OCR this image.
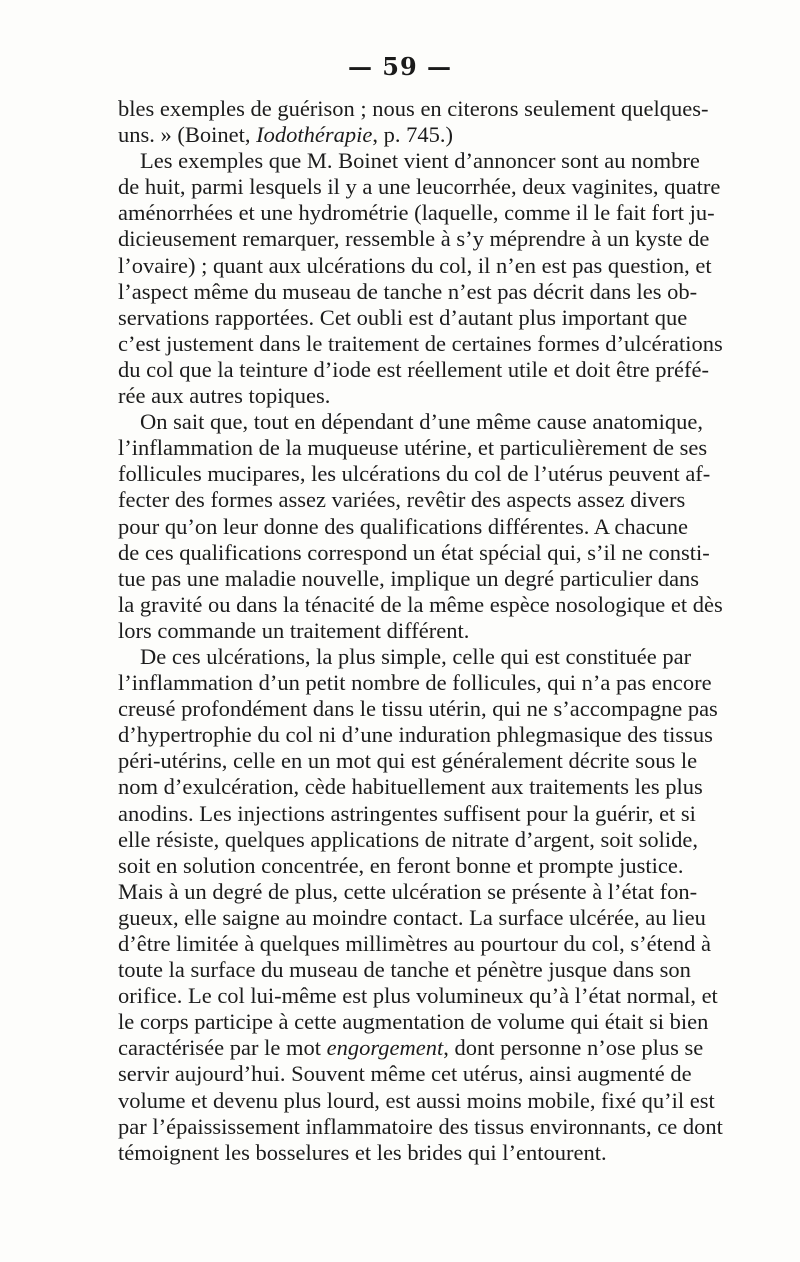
— 59 —
bles exemples de guérison ; nous en citerons seulement quelques-
uns. » (Boinet, Iodothérapie, p. 745.)
Les exemples que M. Boinet vient d’annoncer sont au nombre
de huit, parmi lesquels il y a une leucorrhée, deux vaginites, quatre
aménorrhées et une hydrométrie (laquelle, comme il le fait fort ju-
dicieusement remarquer, ressemble à s’y méprendre à un kyste de
l’ovaire) ; quant aux ulcérations du col, il n’en est pas question, et
l’aspect même du museau de tanche n’est pas décrit dans les ob-
servations rapportées. Cet oubli est d’autant plus important que
c’est justement dans le traitement de certaines formes d’ulcérations
du col que la teinture d’iode est réellement utile et doit être préfé-
rée aux autres topiques.
On sait que, tout en dépendant d’une même cause anatomique,
l’inflammation de la muqueuse utérine, et particulièrement de ses
follicules mucipares, les ulcérations du col de l’utérus peuvent af-
fecter des formes assez variées, revêtir des aspects assez divers
pour qu’on leur donne des qualifications différentes. A chacune
de ces qualifications correspond un état spécial qui, s’il ne consti-
tue pas une maladie nouvelle, implique un degré particulier dans
la gravité ou dans la ténacité de la même espèce nosologique et dès
lors commande un traitement différent.
De ces ulcérations, la plus simple, celle qui est constituée par
l’inflammation d’un petit nombre de follicules, qui n’a pas encore
creusé profondément dans le tissu utérin, qui ne s’accompagne pas
d’hypertrophie du col ni d’une induration phlegmasique des tissus
péri-utérins, celle en un mot qui est généralement décrite sous le
nom d’exulcération, cède habituellement aux traitements les plus
anodins. Les injections astringentes suffisent pour la guérir, et si
elle résiste, quelques applications de nitrate d’argent, soit solide,
soit en solution concentrée, en feront bonne et prompte justice.
Mais à un degré de plus, cette ulcération se présente à l’état fon-
gueux, elle saigne au moindre contact. La surface ulcérée, au lieu
d’être limitée à quelques millimètres au pourtour du col, s’étend à
toute la surface du museau de tanche et pénètre jusque dans son
orifice. Le col lui-même est plus volumineux qu’à l’état normal, et
le corps participe à cette augmentation de volume qui était si bien
caractérisée par le mot engorgement, dont personne n’ose plus se
servir aujourd’hui. Souvent même cet utérus, ainsi augmenté de
volume et devenu plus lourd, est aussi moins mobile, fixé qu’il est
par l’épaississement inflammatoire des tissus environnants, ce dont
témoignent les bosselures et les brides qui l’entourent.
